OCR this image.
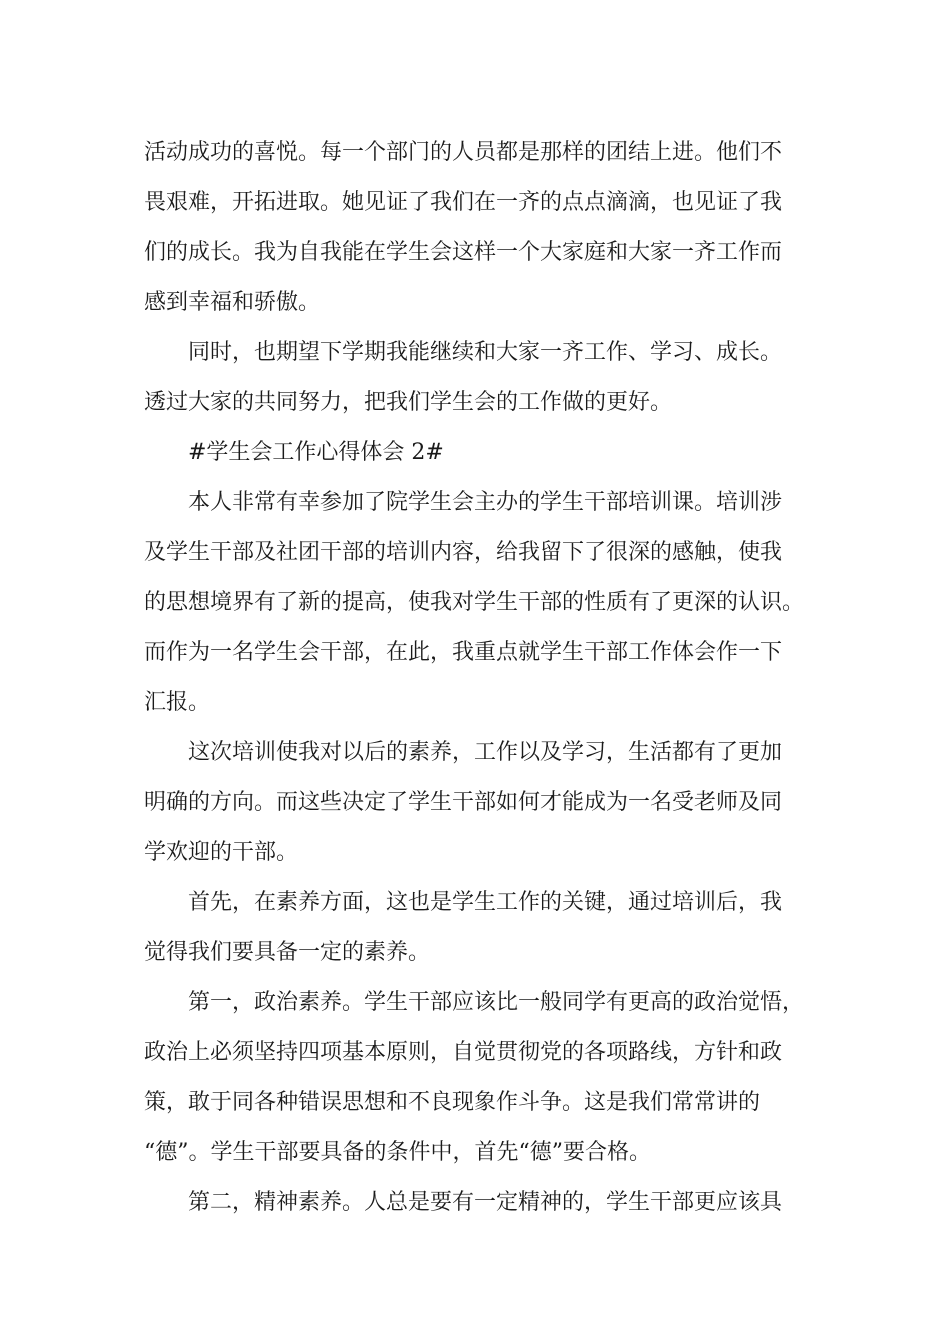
活动成功的喜悦。每一个部门的人员都是那样的团结上进。他们不
畏艰难，开拓进取。她见证了我们在一齐的点点滴滴，也见证了我
们的成长。我为自我能在学生会这样一个大家庭和大家一齐工作而
感到幸福和骄傲。
同时，也期望下学期我能继续和大家一齐工作、学习、成长。
透过大家的共同努力，把我们学生会的工作做的更好。
#学生会工作心得体会 2#
本人非常有幸参加了院学生会主办的学生干部培训课。培训涉
及学生干部及社团干部的培训内容，给我留下了很深的感触，使我
的思想境界有了新的提高，使我对学生干部的性质有了更深的认识。
而作为一名学生会干部，在此，我重点就学生干部工作体会作一下
汇报。
这次培训使我对以后的素养，工作以及学习，生活都有了更加
明确的方向。而这些决定了学生干部如何才能成为一名受老师及同
学欢迎的干部。
首先，在素养方面，这也是学生工作的关键，通过培训后，我
觉得我们要具备一定的素养。
第一，政治素养。学生干部应该比一般同学有更高的政治觉悟，
政治上必须坚持四项基本原则，自觉贯彻党的各项路线，方针和政
策，敢于同各种错误思想和不良现象作斗争。这是我们常常讲的
“德”。学生干部要具备的条件中，首先“德”要合格。
第二，精神素养。人总是要有一定精神的，学生干部更应该具
